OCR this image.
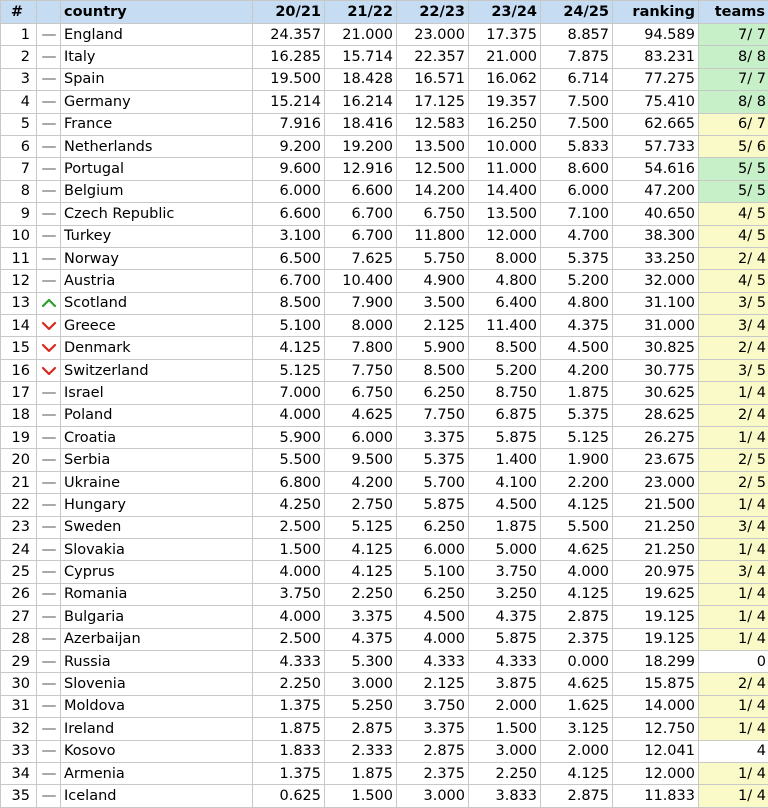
#		country	20/21	21/22	22/23	23/24	24/25	ranking	teams
1		England	24.357	21.000	23.000	17.375	8.857	94.589	7/ 7
2		Italy	16.285	15.714	22.357	21.000	7.875	83.231	8/ 8
3		Spain	19.500	18.428	16.571	16.062	6.714	77.275	7/ 7
4		Germany	15.214	16.214	17.125	19.357	7.500	75.410	8/ 8
5		France	7.916	18.416	12.583	16.250	7.500	62.665	6/ 7
6		Netherlands	9.200	19.200	13.500	10.000	5.833	57.733	5/ 6
7		Portugal	9.600	12.916	12.500	11.000	8.600	54.616	5/ 5
8		Belgium	6.000	6.600	14.200	14.400	6.000	47.200	5/ 5
9		Czech Republic	6.600	6.700	6.750	13.500	7.100	40.650	4/ 5
10		Turkey	3.100	6.700	11.800	12.000	4.700	38.300	4/ 5
11		Norway	6.500	7.625	5.750	8.000	5.375	33.250	2/ 4
12		Austria	6.700	10.400	4.900	4.800	5.200	32.000	4/ 5
13		Scotland	8.500	7.900	3.500	6.400	4.800	31.100	3/ 5
14		Greece	5.100	8.000	2.125	11.400	4.375	31.000	3/ 4
15		Denmark	4.125	7.800	5.900	8.500	4.500	30.825	2/ 4
16		Switzerland	5.125	7.750	8.500	5.200	4.200	30.775	3/ 5
17		Israel	7.000	6.750	6.250	8.750	1.875	30.625	1/ 4
18		Poland	4.000	4.625	7.750	6.875	5.375	28.625	2/ 4
19		Croatia	5.900	6.000	3.375	5.875	5.125	26.275	1/ 4
20		Serbia	5.500	9.500	5.375	1.400	1.900	23.675	2/ 5
21		Ukraine	6.800	4.200	5.700	4.100	2.200	23.000	2/ 5
22		Hungary	4.250	2.750	5.875	4.500	4.125	21.500	1/ 4
23		Sweden	2.500	5.125	6.250	1.875	5.500	21.250	3/ 4
24		Slovakia	1.500	4.125	6.000	5.000	4.625	21.250	1/ 4
25		Cyprus	4.000	4.125	5.100	3.750	4.000	20.975	3/ 4
26		Romania	3.750	2.250	6.250	3.250	4.125	19.625	1/ 4
27		Bulgaria	4.000	3.375	4.500	4.375	2.875	19.125	1/ 4
28		Azerbaijan	2.500	4.375	4.000	5.875	2.375	19.125	1/ 4
29		Russia	4.333	5.300	4.333	4.333	0.000	18.299	0
30		Slovenia	2.250	3.000	2.125	3.875	4.625	15.875	2/ 4
31		Moldova	1.375	5.250	3.750	2.000	1.625	14.000	1/ 4
32		Ireland	1.875	2.875	3.375	1.500	3.125	12.750	1/ 4
33		Kosovo	1.833	2.333	2.875	3.000	2.000	12.041	4
34		Armenia	1.375	1.875	2.375	2.250	4.125	12.000	1/ 4
35		Iceland	0.625	1.500	3.000	3.833	2.875	11.833	1/ 4
